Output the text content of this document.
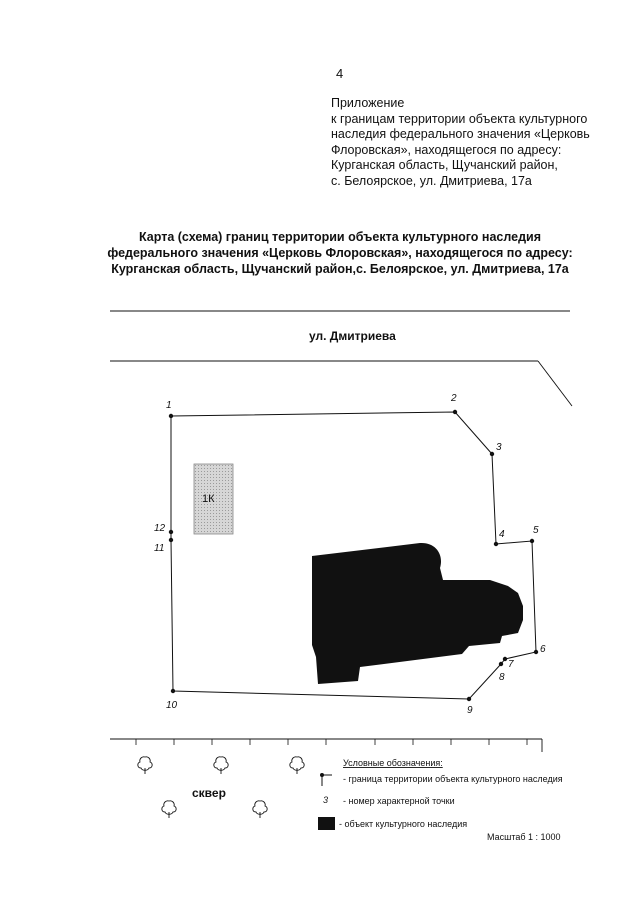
4
Приложение
к границам территории объекта культурного
наследия федерального значения «Церковь
Флоровская», находящегося по адресу:
Курганская область, Щучанский район,
с. Белоярское, ул. Дмитриева, 17а
Карта (схема) границ территории объекта культурного наследия
федерального значения «Церковь Флоровская», находящегося по адресу:
Курганская область, Щучанский район,с. Белоярское, ул. Дмитриева, 17а
ул. Дмитриева
1
2
3
4	5
6
7
8
9
10
11
12
1К
сквер
Условные обозначения:
- граница территории объекта культурного наследия
3 - номер характерной точки
- объект культурного наследия
Масштаб 1 : 1000
